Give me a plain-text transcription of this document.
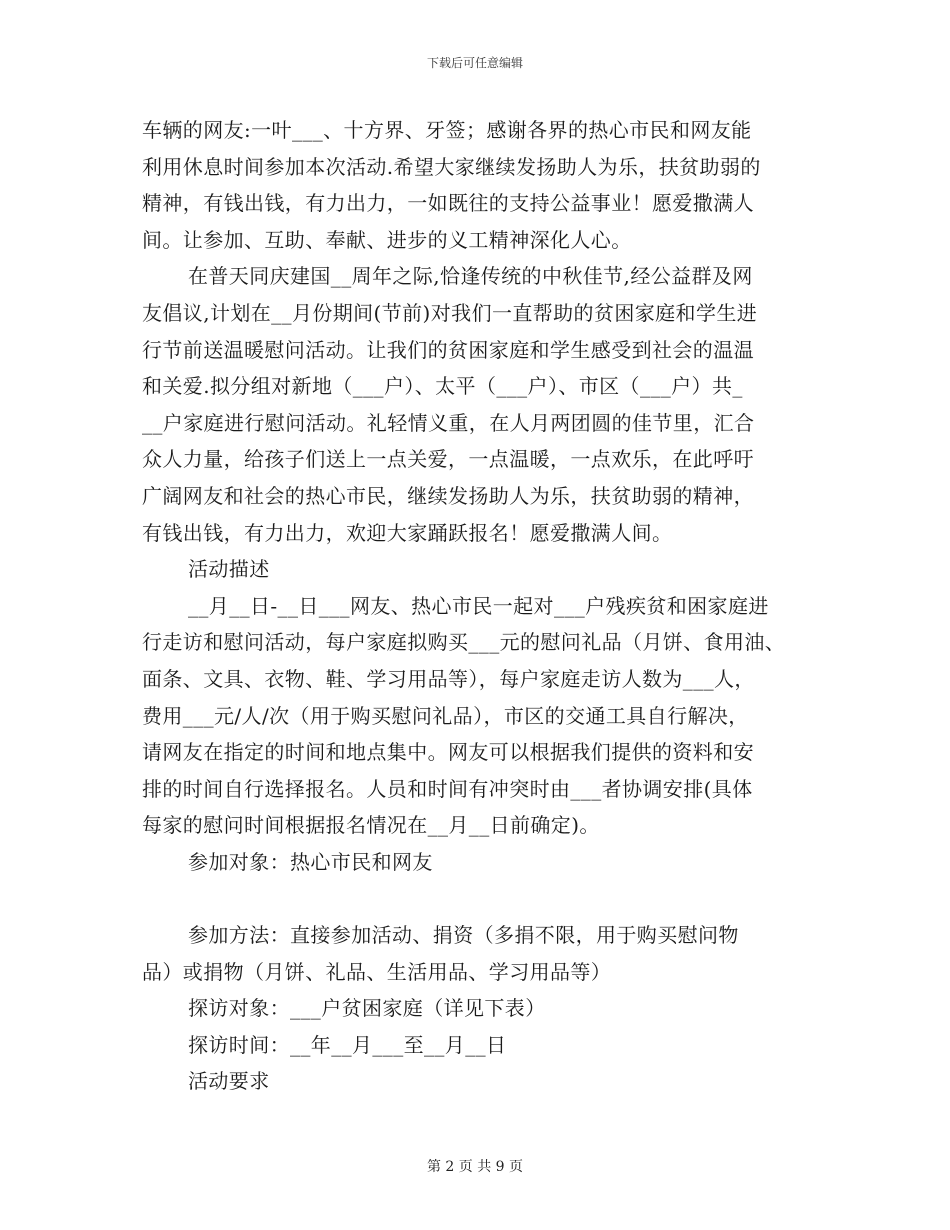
下载后可任意编辑
车辆的网友:一叶___、十方界、牙签；感谢各界的热心市民和网友能
利用休息时间参加本次活动.希望大家继续发扬助人为乐，扶贫助弱的
精神，有钱出钱，有力出力，一如既往的支持公益事业！愿爱撒满人
间。让参加、互助、奉献、进步的义工精神深化人心。
在普天同庆建国__周年之际,恰逢传统的中秋佳节,经公益群及网
友倡议,计划在__月份期间(节前)对我们一直帮助的贫困家庭和学生进
行节前送温暖慰问活动。让我们的贫困家庭和学生感受到社会的温温
和关爱.拟分组对新地（___户）、太平（___户）、市区（___户）共_
__户家庭进行慰问活动。礼轻情义重，在人月两团圆的佳节里，汇合
众人力量，给孩子们送上一点关爱，一点温暖，一点欢乐，在此呼吁
广阔网友和社会的热心市民，继续发扬助人为乐，扶贫助弱的精神，
有钱出钱，有力出力，欢迎大家踊跃报名！愿爱撒满人间。
活动描述
__月__日-__日___网友、热心市民一起对___户残疾贫和困家庭进
行走访和慰问活动，每户家庭拟购买___元的慰问礼品（月饼、食用油、
面条、文具、衣物、鞋、学习用品等），每户家庭走访人数为___人，
费用___元/人/次（用于购买慰问礼品），市区的交通工具自行解决，
请网友在指定的时间和地点集中。网友可以根据我们提供的资料和安
排的时间自行选择报名。人员和时间有冲突时由___者协调安排(具体
每家的慰问时间根据报名情况在__月__日前确定)。
参加对象：热心市民和网友
参加方法：直接参加活动、捐资（多捐不限，用于购买慰问物
品）或捐物（月饼、礼品、生活用品、学习用品等）
探访对象：___户贫困家庭（详见下表）
探访时间：__年__月___至__月__日
活动要求
第 2 页 共 9 页
